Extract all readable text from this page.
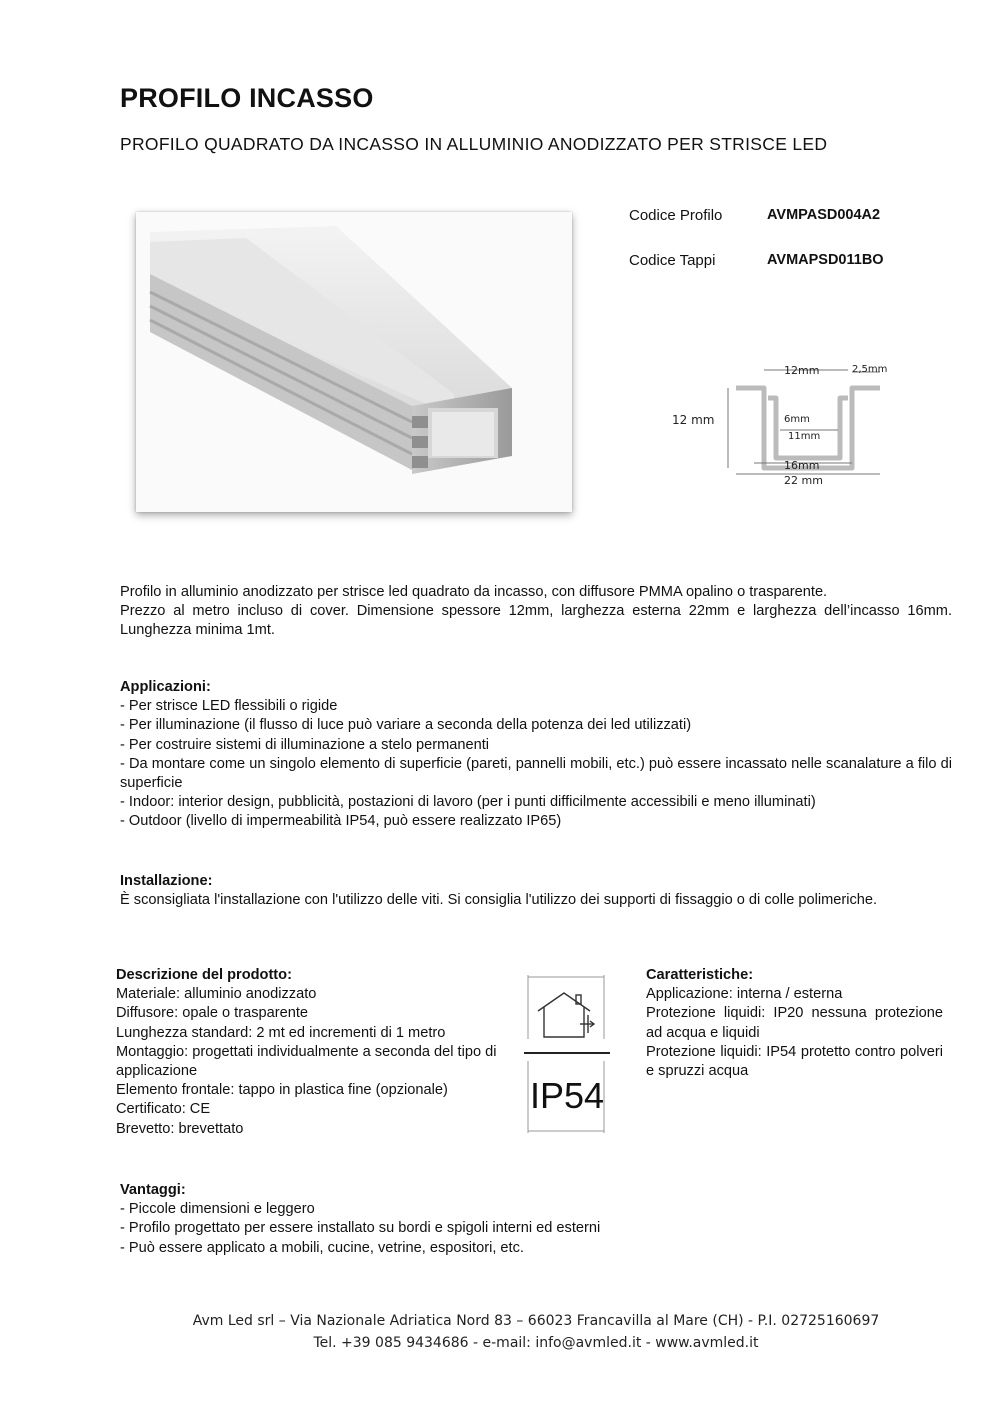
PROFILO INCASSO
PROFILO QUADRATO DA INCASSO IN ALLUMINIO ANODIZZATO PER STRISCE LED
Codice Profilo	AVMPASD004A2
Codice Tappi	AVMAPSD011BO
12mm	2,5mm
12 mm	6mm
11mm
16mm
22 mm
Profilo in alluminio anodizzato per strisce led quadrato da incasso, con diffusore PMMA opalino o trasparente.
Prezzo al metro incluso di cover. Dimensione spessore 12mm, larghezza esterna 22mm e larghezza dell’incasso 16mm. Lunghezza minima 1mt.
Applicazioni:
- Per strisce LED flessibili o rigide
- Per illuminazione (il flusso di luce può variare a seconda della potenza dei led utilizzati)
- Per costruire sistemi di illuminazione a stelo permanenti
- Da montare come un singolo elemento di superficie (pareti, pannelli mobili, etc.) può essere incassato nelle scanalature a filo di superficie
- Indoor: interior design, pubblicità, postazioni di lavoro (per i punti difficilmente accessibili e meno illuminati)
- Outdoor (livello di impermeabilità IP54, può essere realizzato IP65)
Installazione:
È sconsigliata l'installazione con l'utilizzo delle viti. Si consiglia l'utilizzo dei supporti di fissaggio o di colle polimeriche.
Descrizione del prodotto:
Materiale: alluminio anodizzato
Diffusore: opale o trasparente
Lunghezza standard: 2 mt ed incrementi di 1 metro
Montaggio: progettati individualmente a seconda del tipo di applicazione
Elemento frontale: tappo in plastica fine (opzionale)
Certificato: CE
Brevetto: brevettato
IP54
Caratteristiche:
Applicazione: interna / esterna
Protezione liquidi: IP20 nessuna protezione ad acqua e liquidi
Protezione liquidi: IP54 protetto contro polveri e spruzzi acqua
Vantaggi:
- Piccole dimensioni e leggero
- Profilo progettato per essere installato su bordi e spigoli interni ed esterni
- Può essere applicato a mobili, cucine, vetrine, espositori, etc.
Avm Led srl – Via Nazionale Adriatica Nord 83 – 66023 Francavilla al Mare (CH) - P.I. 02725160697
Tel. +39 085 9434686 - e-mail: info@avmled.it - www.avmled.it
